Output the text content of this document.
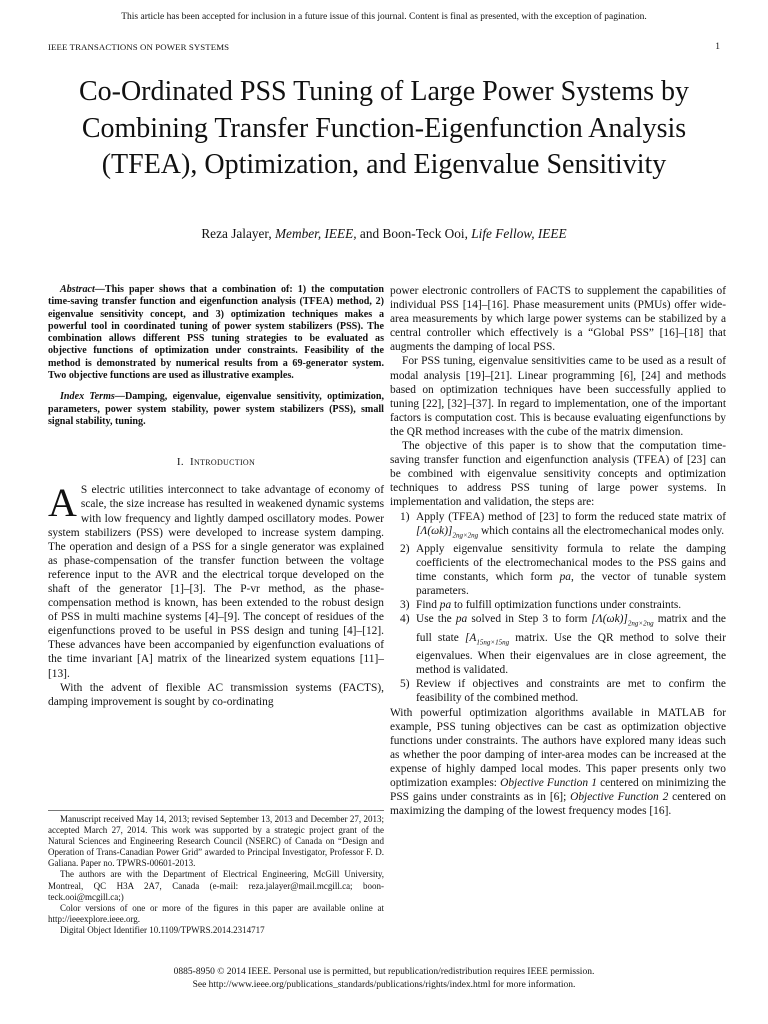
This article has been accepted for inclusion in a future issue of this journal. Content is final as presented, with the exception of pagination.
IEEE TRANSACTIONS ON POWER SYSTEMS	1
Co-Ordinated PSS Tuning of Large Power Systems by Combining Transfer Function-Eigenfunction Analysis (TFEA), Optimization, and Eigenvalue Sensitivity
Reza Jalayer, Member, IEEE, and Boon-Teck Ooi, Life Fellow, IEEE

Abstract—This paper shows that a combination of: 1) the computation time-saving transfer function and eigenfunction analysis (TFEA) method, 2) eigenvalue sensitivity concept, and 3) optimization techniques makes a powerful tool in coordinated tuning of power system stabilizers (PSS). The combination allows different PSS tuning strategies to be evaluated as objective functions of optimization under constraints. Feasibility of the method is demonstrated by numerical results from a 69-generator system. Two objective functions are used as illustrative examples.

Index Terms—Damping, eigenvalue, eigenvalue sensitivity, optimization, parameters, power system stability, power system stabilizers (PSS), small signal stability, tuning.

I. Introduction

A S electric utilities interconnect to take advantage of economy of scale, the size increase has resulted in weakened dynamic systems with low frequency and lightly damped oscillatory modes. Power system stabilizers (PSS) were developed to increase system damping. The operation and design of a PSS for a single generator was explained as phase-compensation of the transfer function between the voltage reference input to the AVR and the electrical torque developed on the shaft of the generator [1]–[3]. The P-vr method, as the phase-compensation method is known, has been extended to the robust design of PSS in multi machine systems [4]–[9]. The concept of residues of the eigenfunctions proved to be useful in PSS design and tuning [4]–[12]. These advances have been accompanied by eigenfunction evaluations of the time invariant [A] matrix of the linearized system equations [11]–[13].

With the advent of flexible AC transmission systems (FACTS), damping improvement is sought by co-ordinating

Manuscript received May 14, 2013; revised September 13, 2013 and December 27, 2013; accepted March 27, 2014. This work was supported by a strategic project grant of the Natural Sciences and Engineering Research Council (NSERC) of Canada on “Design and Operation of Trans-Canadian Power Grid” awarded to Principal Investigator, Professor F. D. Galiana. Paper no. TPWRS-00601-2013.

The authors are with the Department of Electrical Engineering, McGill University, Montreal, QC H3A 2A7, Canada (e-mail: reza.jalayer@mail.mcgill.ca; boon-teck.ooi@mcgill.ca;)

Color versions of one or more of the figures in this paper are available online at http://ieeexplore.ieee.org.

Digital Object Identifier 10.1109/TPWRS.2014.2314717

power electronic controllers of FACTS to supplement the capabilities of individual PSS [14]–[16]. Phase measurement units (PMUs) offer wide-area measurements by which large power systems can be stabilized by a central controller which effectively is a “Global PSS” [16]–[18] that augments the damping of local PSS.

For PSS tuning, eigenvalue sensitivities came to be used as a result of modal analysis [19]–[21]. Linear programming [6], [24] and methods based on optimization techniques have been successfully applied to tuning [22], [32]–[37]. In regard to implementation, one of the important factors is computation cost. This is because evaluating eigenfunctions by the QR method increases with the cube of the matrix dimension.

The objective of this paper is to show that the computation time-saving transfer function and eigenfunction analysis (TFEA) of [23] can be combined with eigenvalue sensitivity concepts and optimization techniques to address PSS tuning of large power systems. In implementation and validation, the steps are:

1) Apply (TFEA) method of [23] to form the reduced state matrix of $[\Lambda(\omega k)]_{2ng\times 2ng}$ which contains all the electromechanical modes only.
2) Apply eigenvalue sensitivity formula to relate the damping coefficients of the electromechanical modes to the PSS gains and time constants, which form pa, the vector of tunable system parameters.
3) Find pa to fulfill optimization functions under constraints.
4) Use the pa solved in Step 3 to form $[\Lambda(\omega k)]_{2ng\times 2ng}$ matrix and the full state [$A_{15ng\times 15ng}$ matrix. Use the QR method to solve their eigenvalues. When their eigenvalues are in close agreement, the method is validated.
5) Review if objectives and constraints are met to confirm the feasibility of the combined method.

With powerful optimization algorithms available in MATLAB for example, PSS tuning objectives can be cast as optimization objective functions under constraints. The authors have explored many ideas such as whether the poor damping of inter-area modes can be increased at the expense of highly damped local modes. This paper presents only two optimization examples: Objective Function 1 centered on minimizing the PSS gains under constraints as in [6]; Objective Function 2 centered on maximizing the damping of the lowest frequency modes [16].

0885-8950 © 2014 IEEE. Personal use is permitted, but republication/redistribution requires IEEE permission.
See http://www.ieee.org/publications_standards/publications/rights/index.html for more information.
